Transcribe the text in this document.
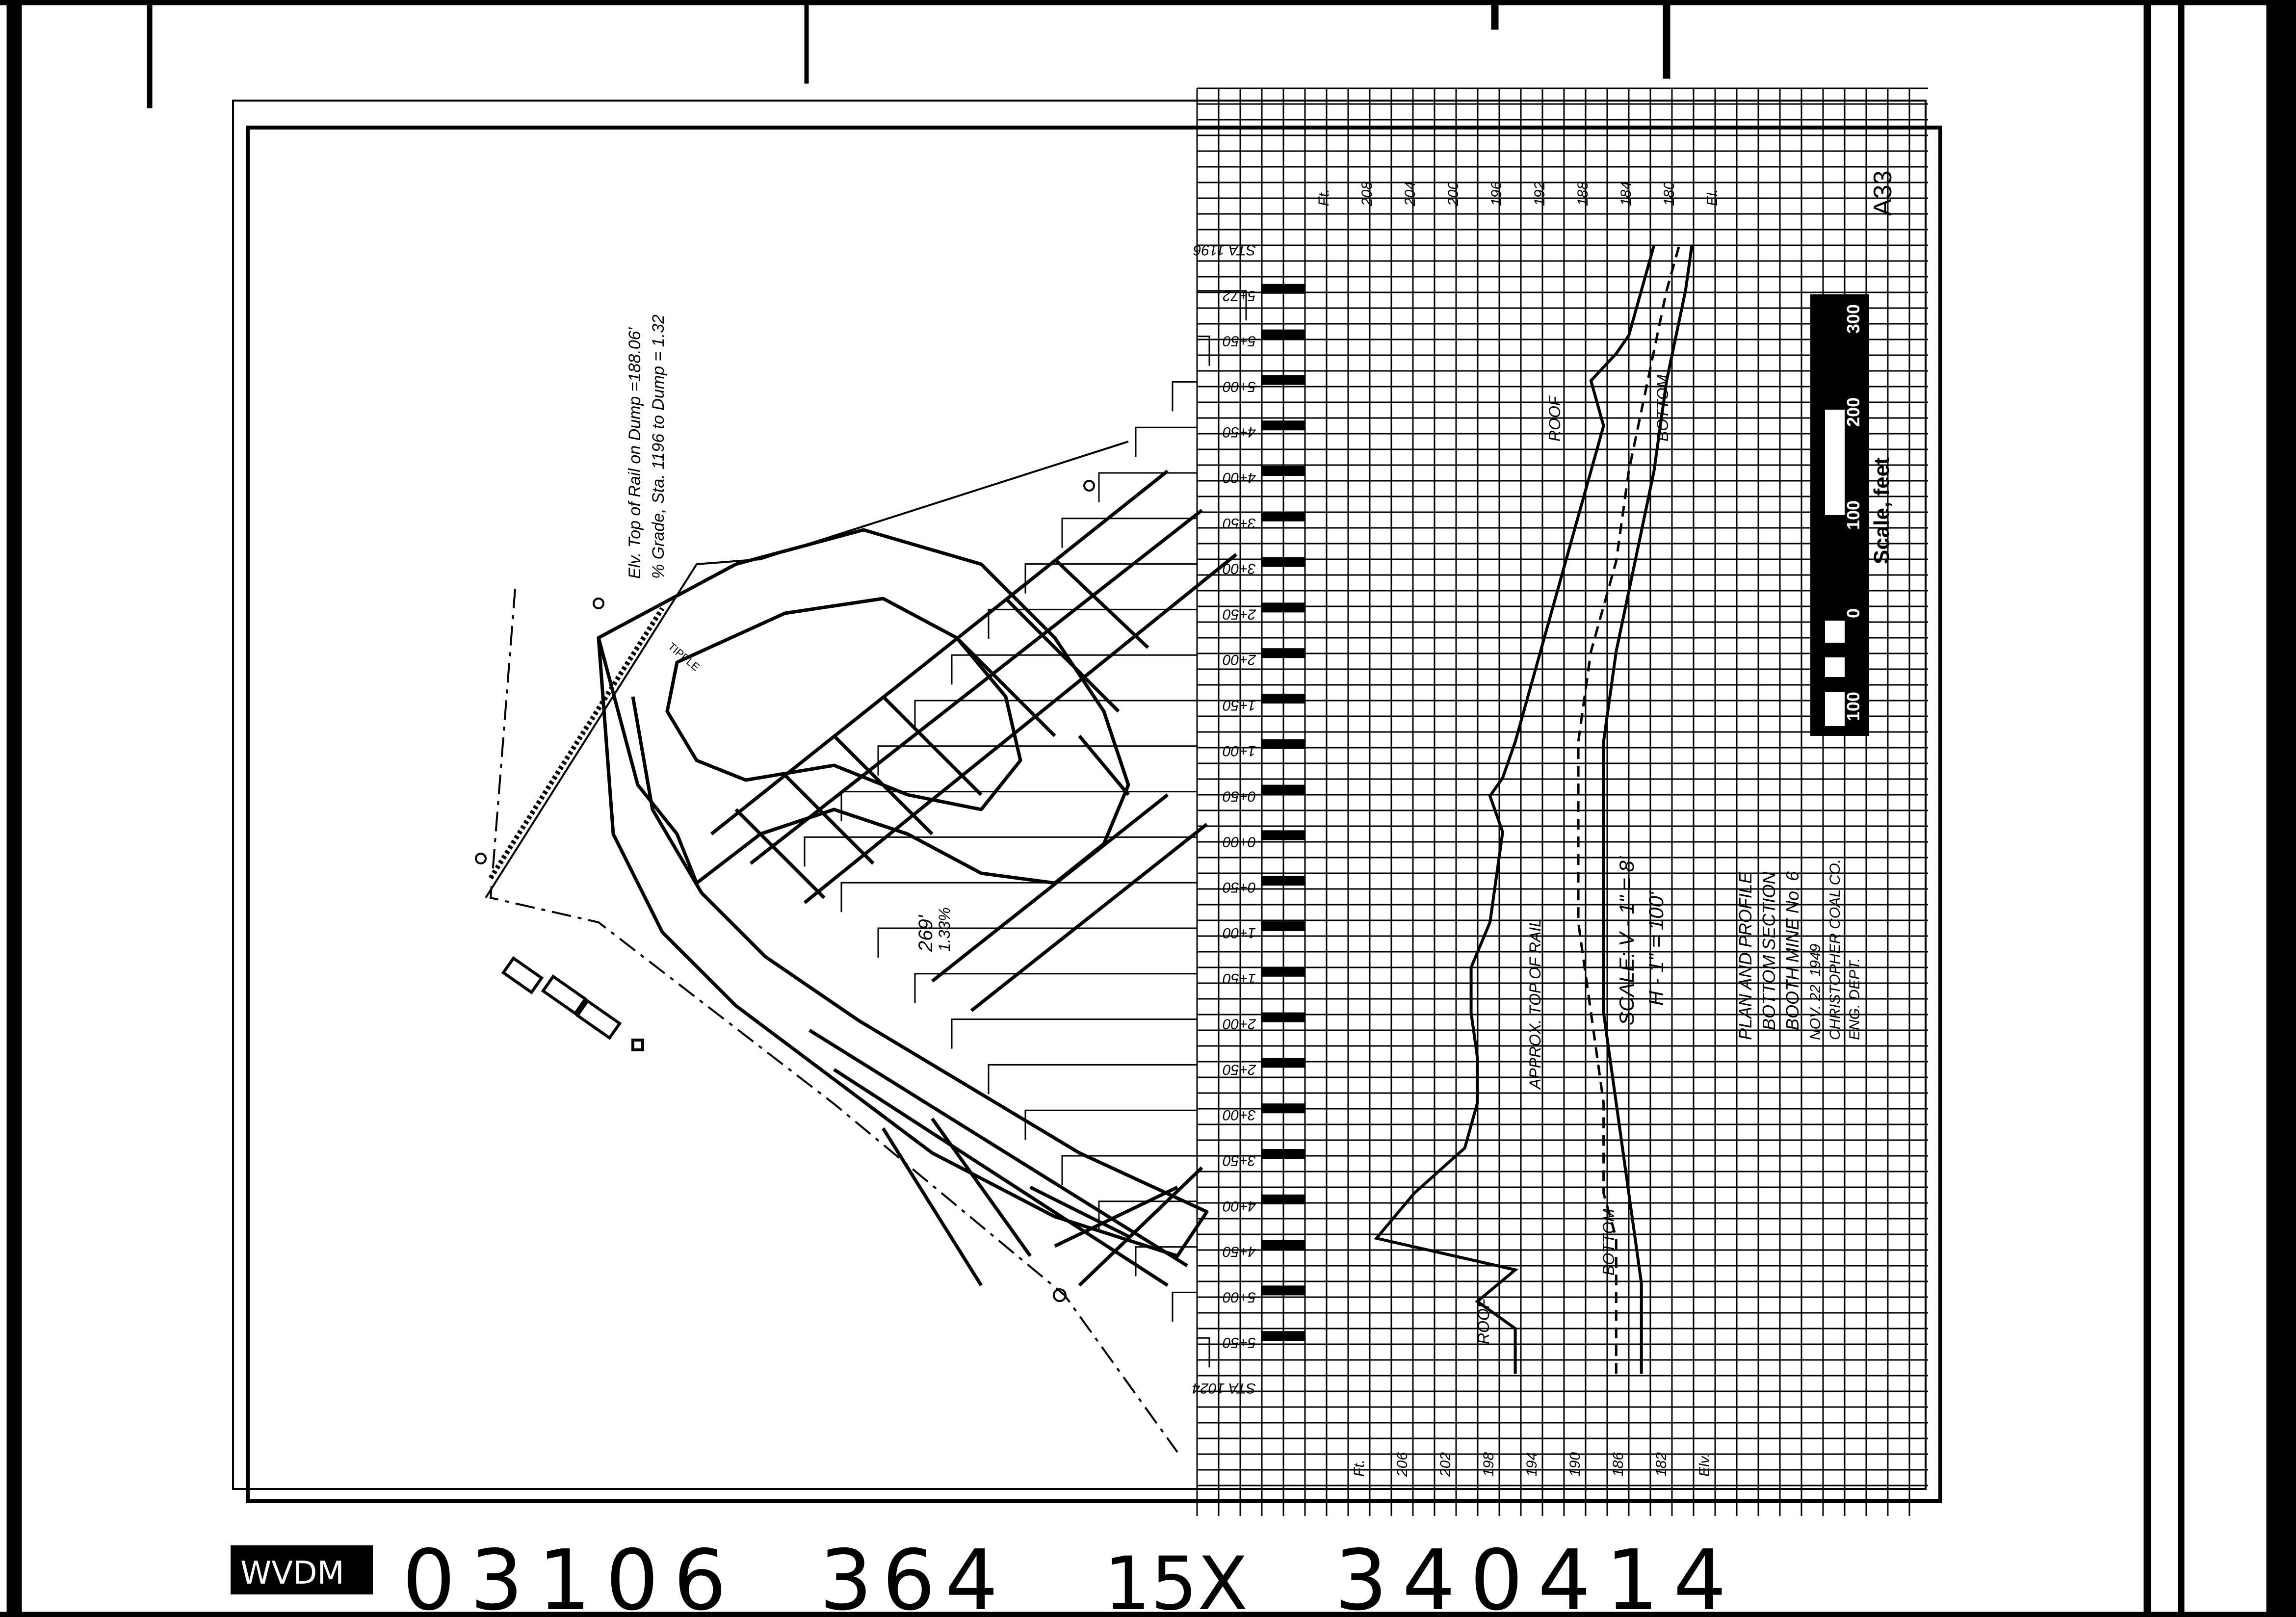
STA 1024
5+50
5+00
4+50
4+00
3+50
3+00
2+50
2+00
1+50
1+00
0+50
0+00
0+50
1+00
1+50
2+00
2+50
3+00
3+50
4+00
4+50
5+00
5+50
5+72
STA 1196
El.
180
184
188
192
196
200
204
208
Ft.
Ft. 206 202 198 194 190 186 182 Elv.
Elv. Top of Rail on Dump =188.06' % Grade, Sta. 1196 to Dump = 1.32
TIPPLE
269'
1.33%
ROOF	BOTTOM
ROOF
BOTTOM
APPROX. TOP OF RAIL	SCALE: V - 1" = 8' H - 1" = 100'	PLAN AND PROFILE BOTTOM SECTION BOOTH MINE No. 6 NOV. 22, 1949 CHRISTOPHER COAL CO. ENG. DEPT.
A33
Scale, feet
100
0
100
200
300
WVDM 03106 364 15X 340414
